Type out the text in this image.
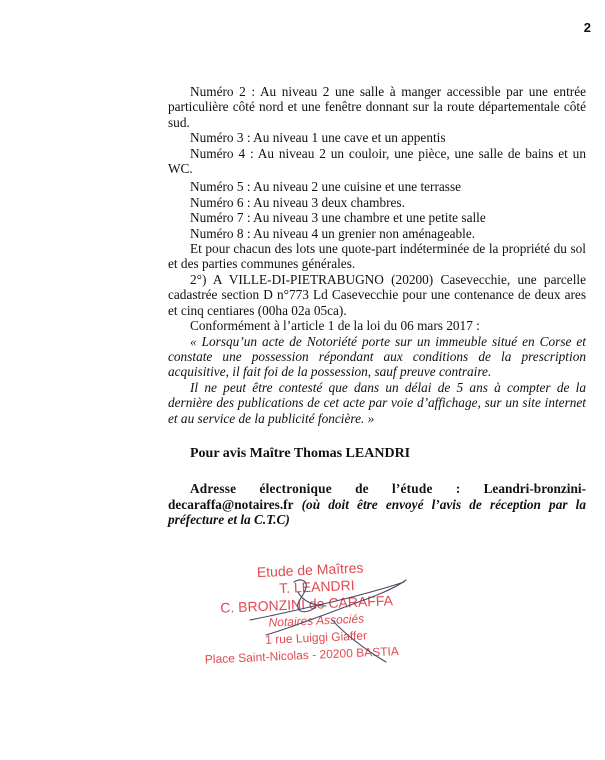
2

Numéro 2 : Au niveau 2 une salle à manger accessible par une entrée particulière côté nord et une fenêtre donnant sur la route départementale côté sud.

Numéro 3 : Au niveau 1 une cave et un appentis

Numéro 4 : Au niveau 2 un couloir, une pièce, une salle de bains et un WC.

Numéro 5 : Au niveau 2 une cuisine et une terrasse

Numéro 6 : Au niveau 3 deux chambres.

Numéro 7 : Au niveau 3 une chambre et une petite salle

Numéro 8 : Au niveau 4 un grenier non aménageable.

Et pour chacun des lots une quote-part indéterminée de la propriété du sol et des parties communes générales.

2°) A VILLE-DI-PIETRABUGNO (20200) Casevecchie, une parcelle cadastrée section D n°773 Ld Casevecchie pour une contenance de deux ares et cinq centiares (00ha 02a 05ca).

Conformément à l’article 1 de la loi du 06 mars 2017 :

« Lorsqu’un acte de Notoriété porte sur un immeuble situé en Corse et constate une possession répondant aux conditions de la prescription acquisitive, il fait foi de la possession, sauf preuve contraire.

Il ne peut être contesté que dans un délai de 5 ans à compter de la dernière des publications de cet acte par voie d’affichage, sur un site internet et au service de la publicité foncière. »

Pour avis Maître Thomas LEANDRI

Adresse électronique de l’étude : Leandri-bronzini-decaraffa@notaires.fr (où doit être envoyé l’avis de réception par la préfecture et la C.T.C)

Etude de Maîtres
T. LEANDRI
C. BRONZINI de CARAFFA
Notaires Associés
1 rue Luiggi Giaffer
Place Saint-Nicolas - 20200 BASTIA
